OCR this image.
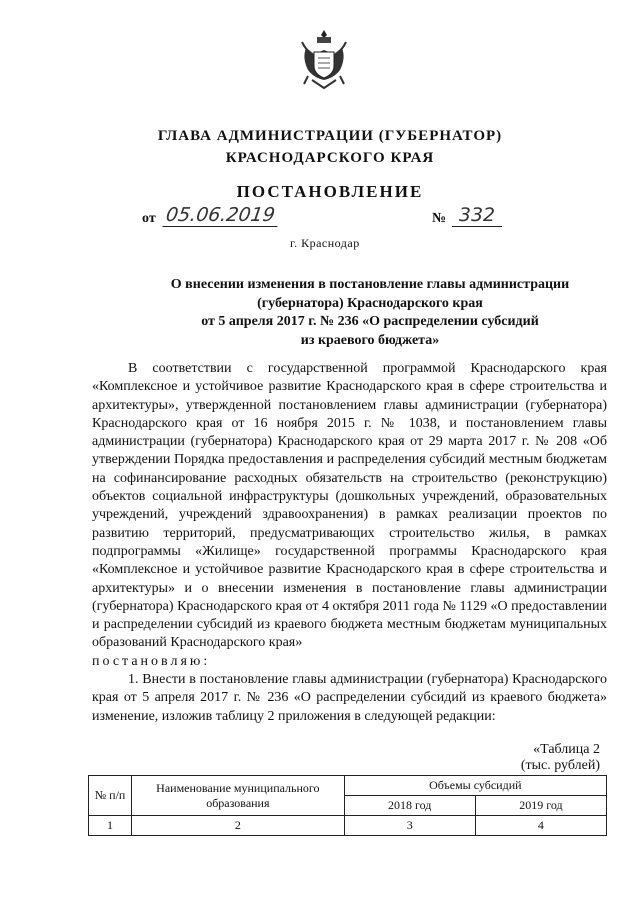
ГЛАВА АДМИНИСТРАЦИИ (ГУБЕРНАТОР)
КРАСНОДАРСКОГО КРАЯ
ПОСТАНОВЛЕНИЕ
от 05.06.2019	№ 332
г. Краснодар
О внесении изменения в постановление главы администрации
(губернатора) Краснодарского края
от 5 апреля 2017 г. № 236 «О распределении субсидий
из краевого бюджета»

В соответствии с государственной программой Краснодарского края «Комплексное и устойчивое развитие Краснодарского края в сфере строительства и архитектуры», утвержденной постановлением главы администрации (губернатора) Краснодарского края от 16 ноября 2015 г. № 1038, и постановлением главы администрации (губернатора) Краснодарского края от 29 марта 2017 г. № 208 «Об утверждении Порядка предоставления и распределения субсидий местным бюджетам на софинансирование расходных обязательств на строительство (реконструкцию) объектов социальной инфраструктуры (дошкольных учреждений, образовательных учреждений, учреждений здравоохранения) в рамках реализации проектов по развитию территорий, предусматривающих строительство жилья, в рамках подпрограммы «Жилище» государственной программы Краснодарского края «Комплексное и устойчивое развитие Краснодарского края в сфере строительства и архитектуры» и о внесении изменения в постановление главы администрации (губернатора) Краснодарского края от 4 октября 2011 года № 1129 «О предоставлении и распределении субсидий из краевого бюджета местным бюджетам муниципальных образований Краснодарского края»

постановляю:

1. Внести в постановление главы администрации (губернатора) Краснодарского края от 5 апреля 2017 г. № 236 «О распределении субсидий из краевого бюджета» изменение, изложив таблицу 2 приложения в следующей редакции:

«Таблица 2
(тыс. рублей)
№ п/п	Наименование муниципального образования	Объемы субсидий	
		2018 год	2019 год
1	2	3	4
